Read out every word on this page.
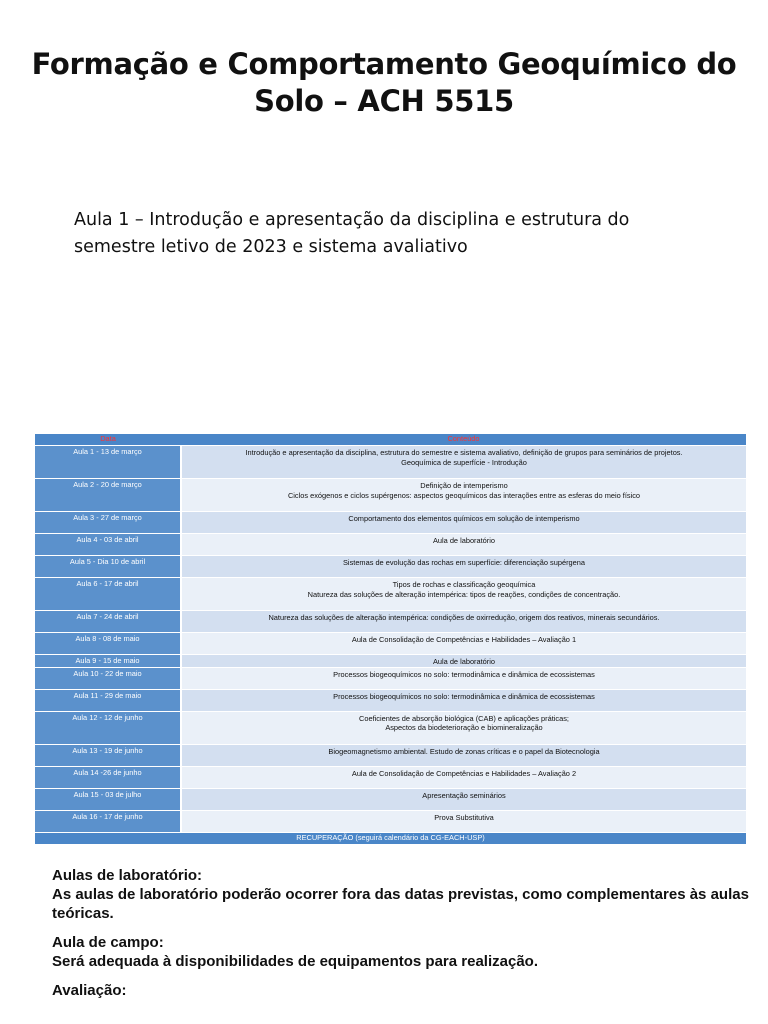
Formação e Comportamento Geoquímico do
Solo – ACH 5515
Aula 1 – Introdução e apresentação da disciplina e estrutura do
semestre letivo de 2023 e sistema avaliativo
Data	Conteúdo
Aula 1 - 13 de março	Introdução e apresentação da disciplina, estrutura do semestre e sistema avaliativo, definição de grupos para seminários de projetos.
Geoquímica de superfície - Introdução

Aula 2 - 20 de março	Definição de intemperismo
Ciclos exógenos e ciclos supérgenos: aspectos geoquímicos das interações entre as esferas do meio físico

Aula 3 - 27 de março	Comportamento dos elementos químicos em solução de intemperismo

Aula 4 - 03 de abril	Aula de laboratório

Aula 5 - Dia 10 de abril	Sistemas de evolução das rochas em superfície: diferenciação supérgena

Aula 6 - 17 de abril	Tipos de rochas e classificação geoquímica
Natureza das soluções de alteração intempérica: tipos de reações, condições de concentração.

Aula 7 - 24 de abril	Natureza das soluções de alteração intempérica: condições de oxirredução, origem dos reativos, minerais secundários.

Aula 8 - 08 de maio	Aula de Consolidação de Competências e Habilidades – Avaliação 1

Aula 9 - 15 de maio	Aula de laboratório

Aula 10 - 22 de maio	Processos biogeoquímicos no solo: termodinâmica e dinâmica de ecossistemas

Aula 11 - 29 de maio	Processos biogeoquímicos no solo: termodinâmica e dinâmica de ecossistemas

Aula 12 - 12 de junho	Coeficientes de absorção biológica (CAB) e aplicações práticas;
Aspectos da biodeterioração e biomineralização

Aula 13 - 19 de junho	Biogeomagnetismo ambiental. Estudo de zonas críticas e o papel da Biotecnologia

Aula 14 -26 de junho	Aula de Consolidação de Competências e Habilidades – Avaliação 2

Aula 15 - 03 de julho	Apresentação seminários

Aula 16 - 17 de junho	Prova Substitutiva

RECUPERAÇÃO (seguirá calendário da CG-EACH-USP)	
Aulas de laboratório:
As aulas de laboratório poderão ocorrer fora das datas previstas, como complementares às aulas teóricas.
Aula de campo:
Será adequada à disponibilidades de equipamentos para realização.
Avaliação:
